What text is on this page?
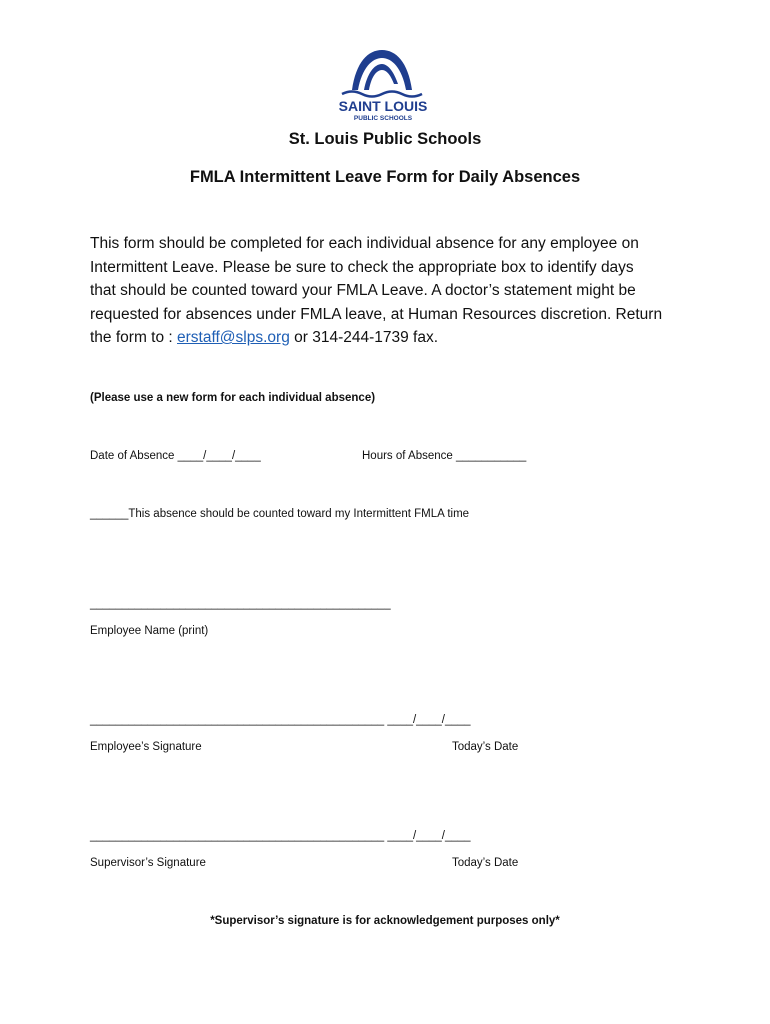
SAINT LOUIS
PUBLIC SCHOOLS
St. Louis Public Schools
FMLA Intermittent Leave Form for Daily Absences
This form should be completed for each individual absence for any employee on
Intermittent Leave. Please be sure to check the appropriate box to identify days
that should be counted toward your FMLA Leave. A doctor’s statement might be
requested for absences under FMLA leave, at Human Resources discretion. Return
the form to : erstaff@slps.org or 314-244-1739 fax.
(Please use a new form for each individual absence)
Date of Absence ____/____/____	Hours of Absence ___________
______This absence should be counted toward my Intermittent FMLA time
_______________________________________________
Employee Name (print)
______________________________________________ ____/____/____
Employee’s Signature	Today’s Date
______________________________________________ ____/____/____
Supervisor’s Signature	Today’s Date
*Supervisor’s signature is for acknowledgement purposes only*
